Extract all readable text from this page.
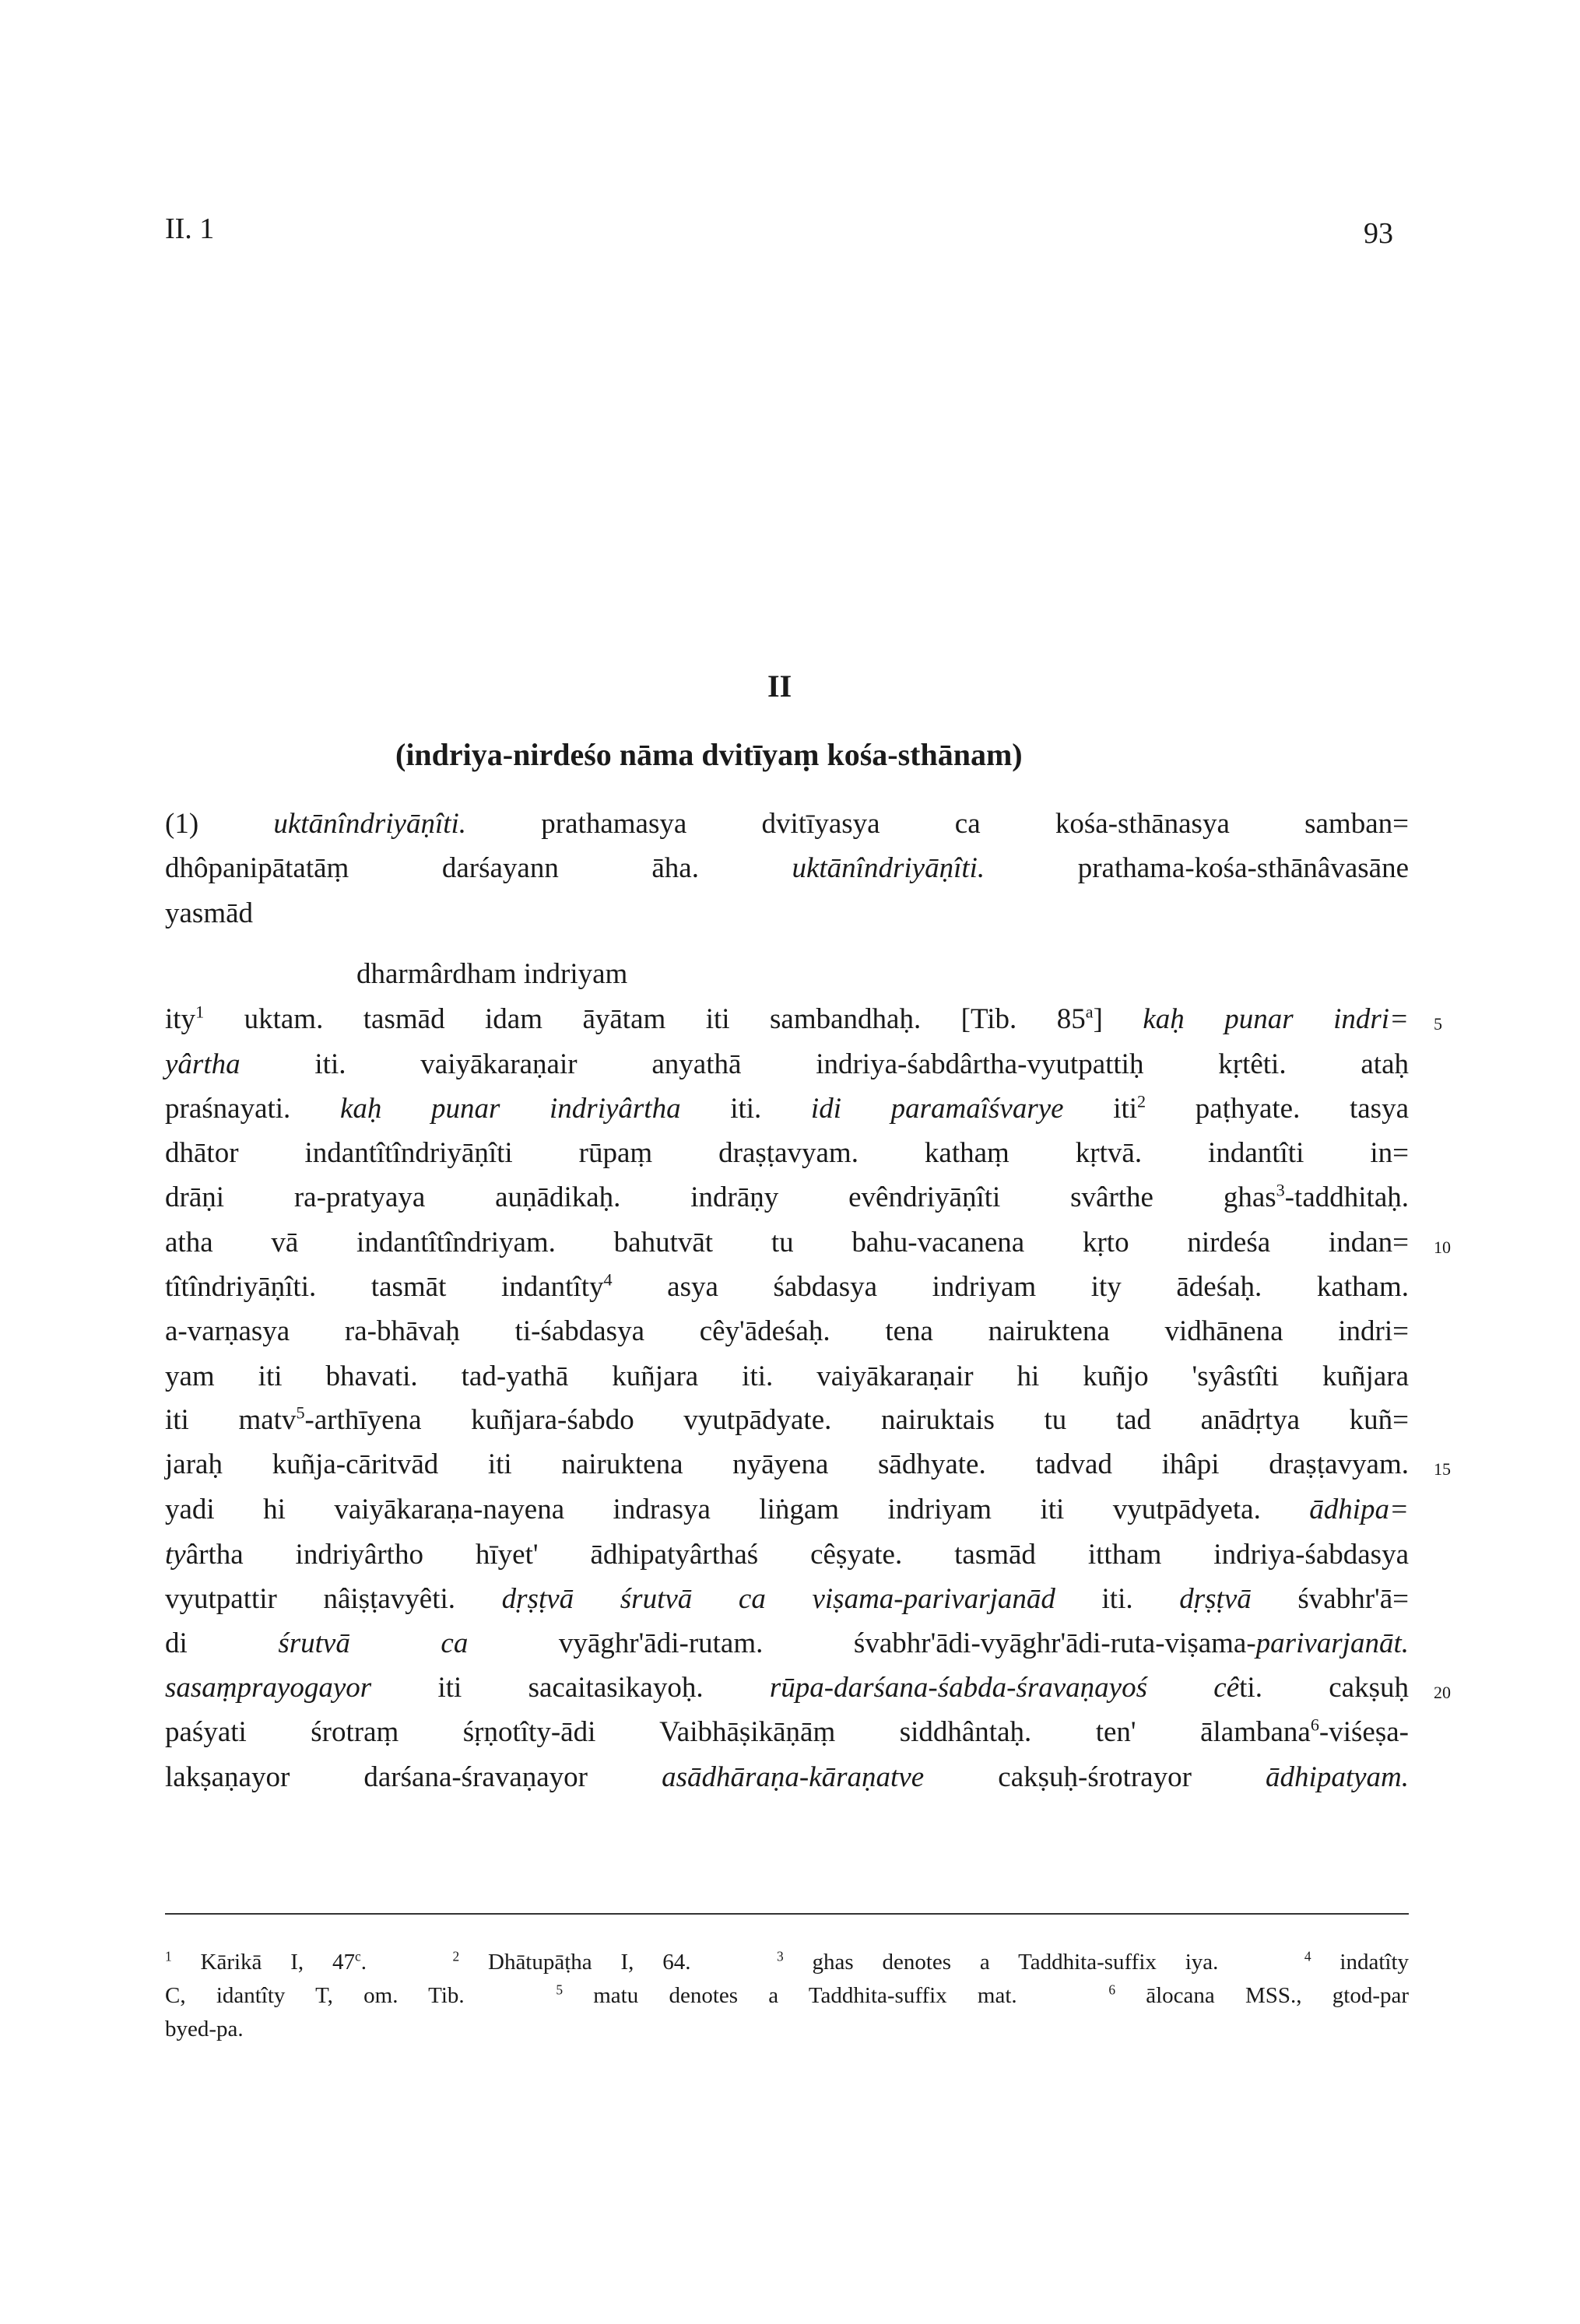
II. 1	93
II
(indriya-nirdeśo nāma dvitīyaṃ kośa-sthānam)
(1) uktānîndriyāṇîti. prathamasya dvitīyasya ca kośa-sthānasya samban=
dhôpanipātatāṃ darśayann āha. uktānîndriyāṇîti. prathama-kośa-sthānâvasāne
yasmād
dharmârdham indriyam
ity$^1$ uktam. tasmād idam āyātam iti sambandhaḥ. [Tib. 85$^a$] kaḥ punar indri=
yârtha iti. vaiyākaraṇair anyathā indriya-śabdârtha-vyutpattiḥ kṛtêti. ataḥ
praśnayati. kaḥ punar indriyârtha iti. idi paramaîśvarye iti$^2$ paṭhyate. tasya
dhātor indantîtîndriyāṇîti rūpaṃ draṣṭavyam. kathaṃ kṛtvā. indantîti in=
drāṇi ra-pratyaya auṇādikaḥ. indrāṇy evêndriyāṇîti svârthe ghas$^3$-taddhitaḥ.
atha vā indantîtîndriyam. bahutvāt tu bahu-vacanena kṛto nirdeśa indan=
tîtîndriyāṇîti. tasmāt indantîty$^4$ asya śabdasya indriyam ity ādeśaḥ. katham.
a-varṇasya ra-bhāvaḥ ti-śabdasya cêy'ādeśaḥ. tena nairuktena vidhānena indri=
yam iti bhavati. tad-yathā kuñjara iti. vaiyākaraṇair hi kuñjo 'syâstîti kuñjara
iti matv$^5$-arthīyena kuñjara-śabdo vyutpādyate. nairuktais tu tad anādṛtya kuñ=
jaraḥ kuñja-cāritvād iti nairuktena nyāyena sādhyate. tadvad ihâpi draṣṭavyam.
yadi hi vaiyākaraṇa-nayena indrasya liṅgam indriyam iti vyutpādyeta. ādhipa=
tyârtha indriyârtho hīyet' ādhipatyârthaś cêṣyate. tasmād ittham indriya-śabdasya
vyutpattir nâiṣṭavyêti. dṛṣṭvā śrutvā ca viṣama-parivarjanād iti. dṛṣṭvā śvabhr'ā=
di śrutvā ca vyāghr'ādi-rutam. śvabhr'ādi-vyāghr'ādi-ruta-viṣama-parivarjanāt.
sasaṃprayogayor iti sacaitasikayoḥ. rūpa-darśana-śabda-śravaṇayoś cêti. cakṣuḥ
paśyati śrotraṃ śṛṇotîty-ādi Vaibhāṣikāṇāṃ siddhântaḥ. ten' ālambana$^6$-viśeṣa-
lakṣaṇayor darśana-śravaṇayor asādhāraṇa-kāraṇatve cakṣuḥ-śrotrayor ādhipatyam.
5
10
15
20
$^1$ Kārikā I, 47$^c$.	$^2$ Dhātupāṭha I, 64.	$^3$ ghas denotes a Taddhita-suffix iya.	$^4$ indatîty
C, idantîty T, om. Tib.	$^5$ matu denotes a Taddhita-suffix mat.	$^6$ ālocana MSS., gtod-par
byed-pa.
